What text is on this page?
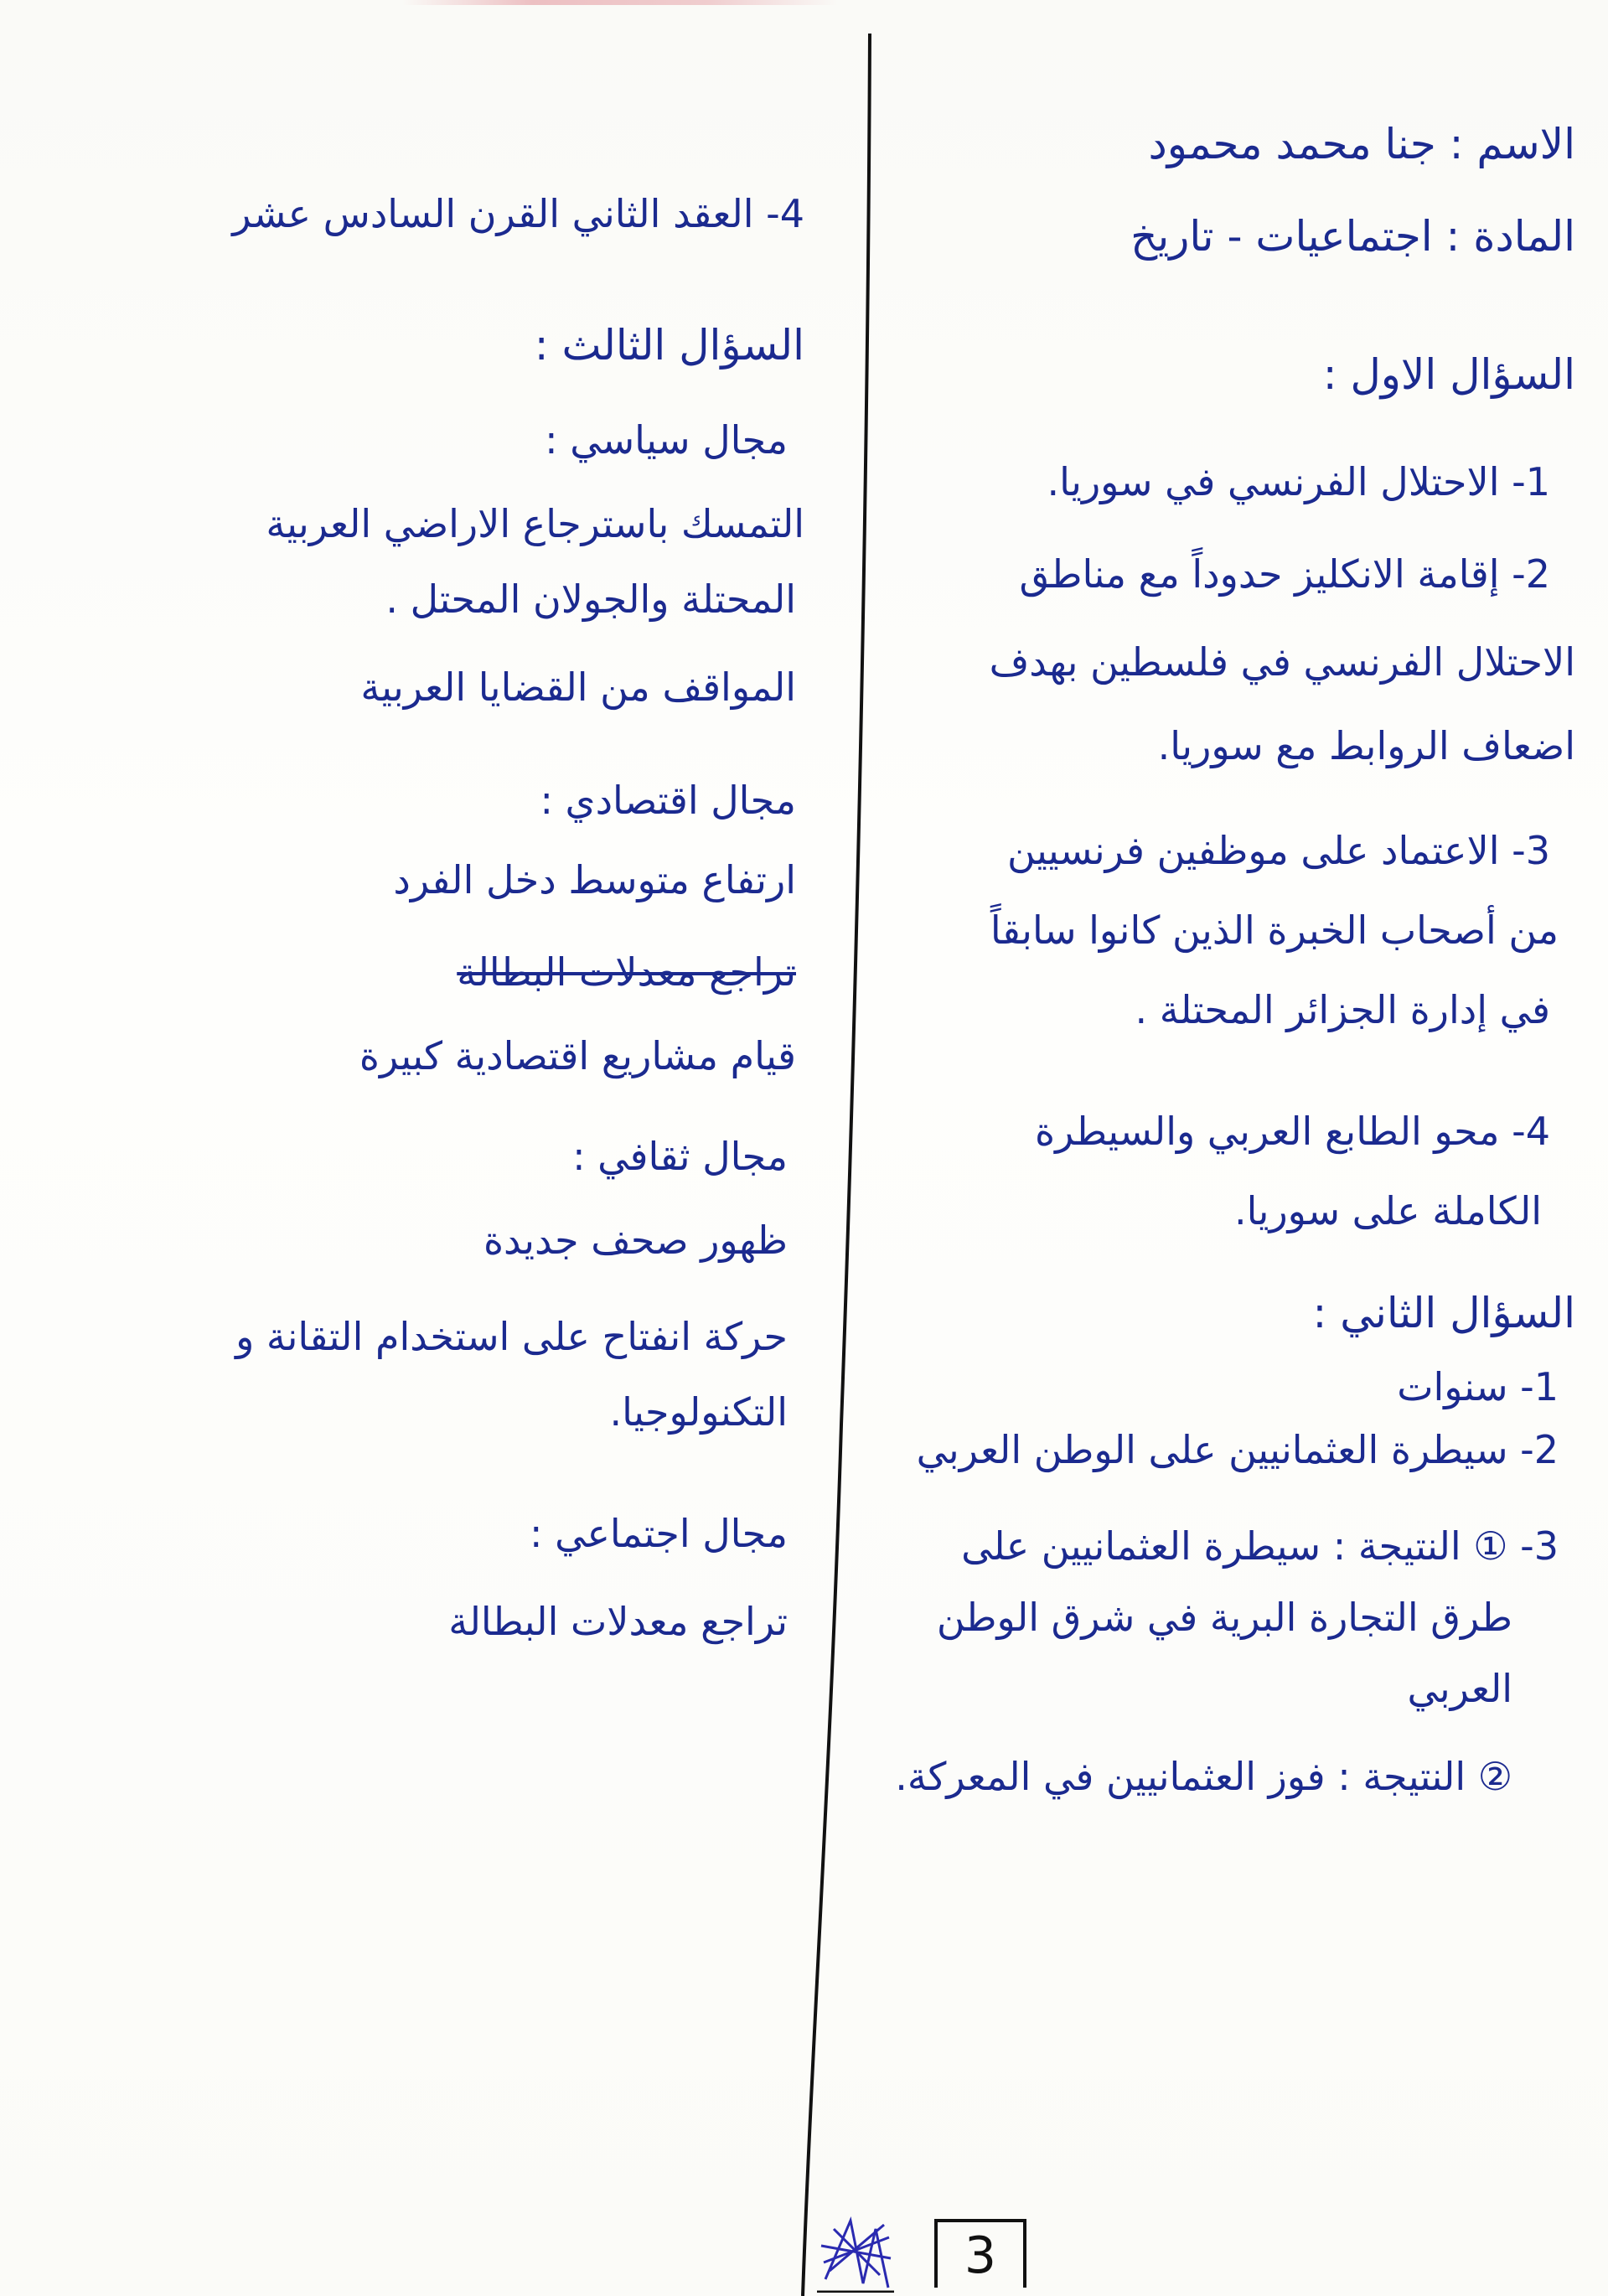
الاسم : جنا محمد محمود
المادة : اجتماعيات - تاريخ
السؤال الاول :
1- الاحتلال الفرنسي في سوريا.
2- إقامة الانكليز حدوداً مع مناطق
الاحتلال الفرنسي في فلسطين بهدف
اضعاف الروابط مع سوريا.
3- الاعتماد على موظفين فرنسيين
من أصحاب الخبرة الذين كانوا سابقاً
في إدارة الجزائر المحتلة .
4- محو الطابع العربي والسيطرة
الكاملة على سوريا.
السؤال الثاني :
1- سنوات
2- سيطرة العثمانيين على الوطن العربي
3- ① النتيجة : سيطرة العثمانيين على
طرق التجارة البرية في شرق الوطن
العربي
② النتيجة : فوز العثمانيين في المعركة.
4- العقد الثاني القرن السادس عشر
السؤال الثالث :
مجال سياسي :
التمسك باسترجاع الاراضي العربية
المحتلة والجولان المحتل .
المواقف من القضايا العربية
مجال اقتصادي :
ارتفاع متوسط دخل الفرد
تراجع معدلات البطالة
قيام مشاريع اقتصادية كبيرة
مجال ثقافي :
ظهور صحف جديدة
حركة انفتاح على استخدام التقانة و
التكنولوجيا.
مجال اجتماعي :
تراجع معدلات البطالة
3
